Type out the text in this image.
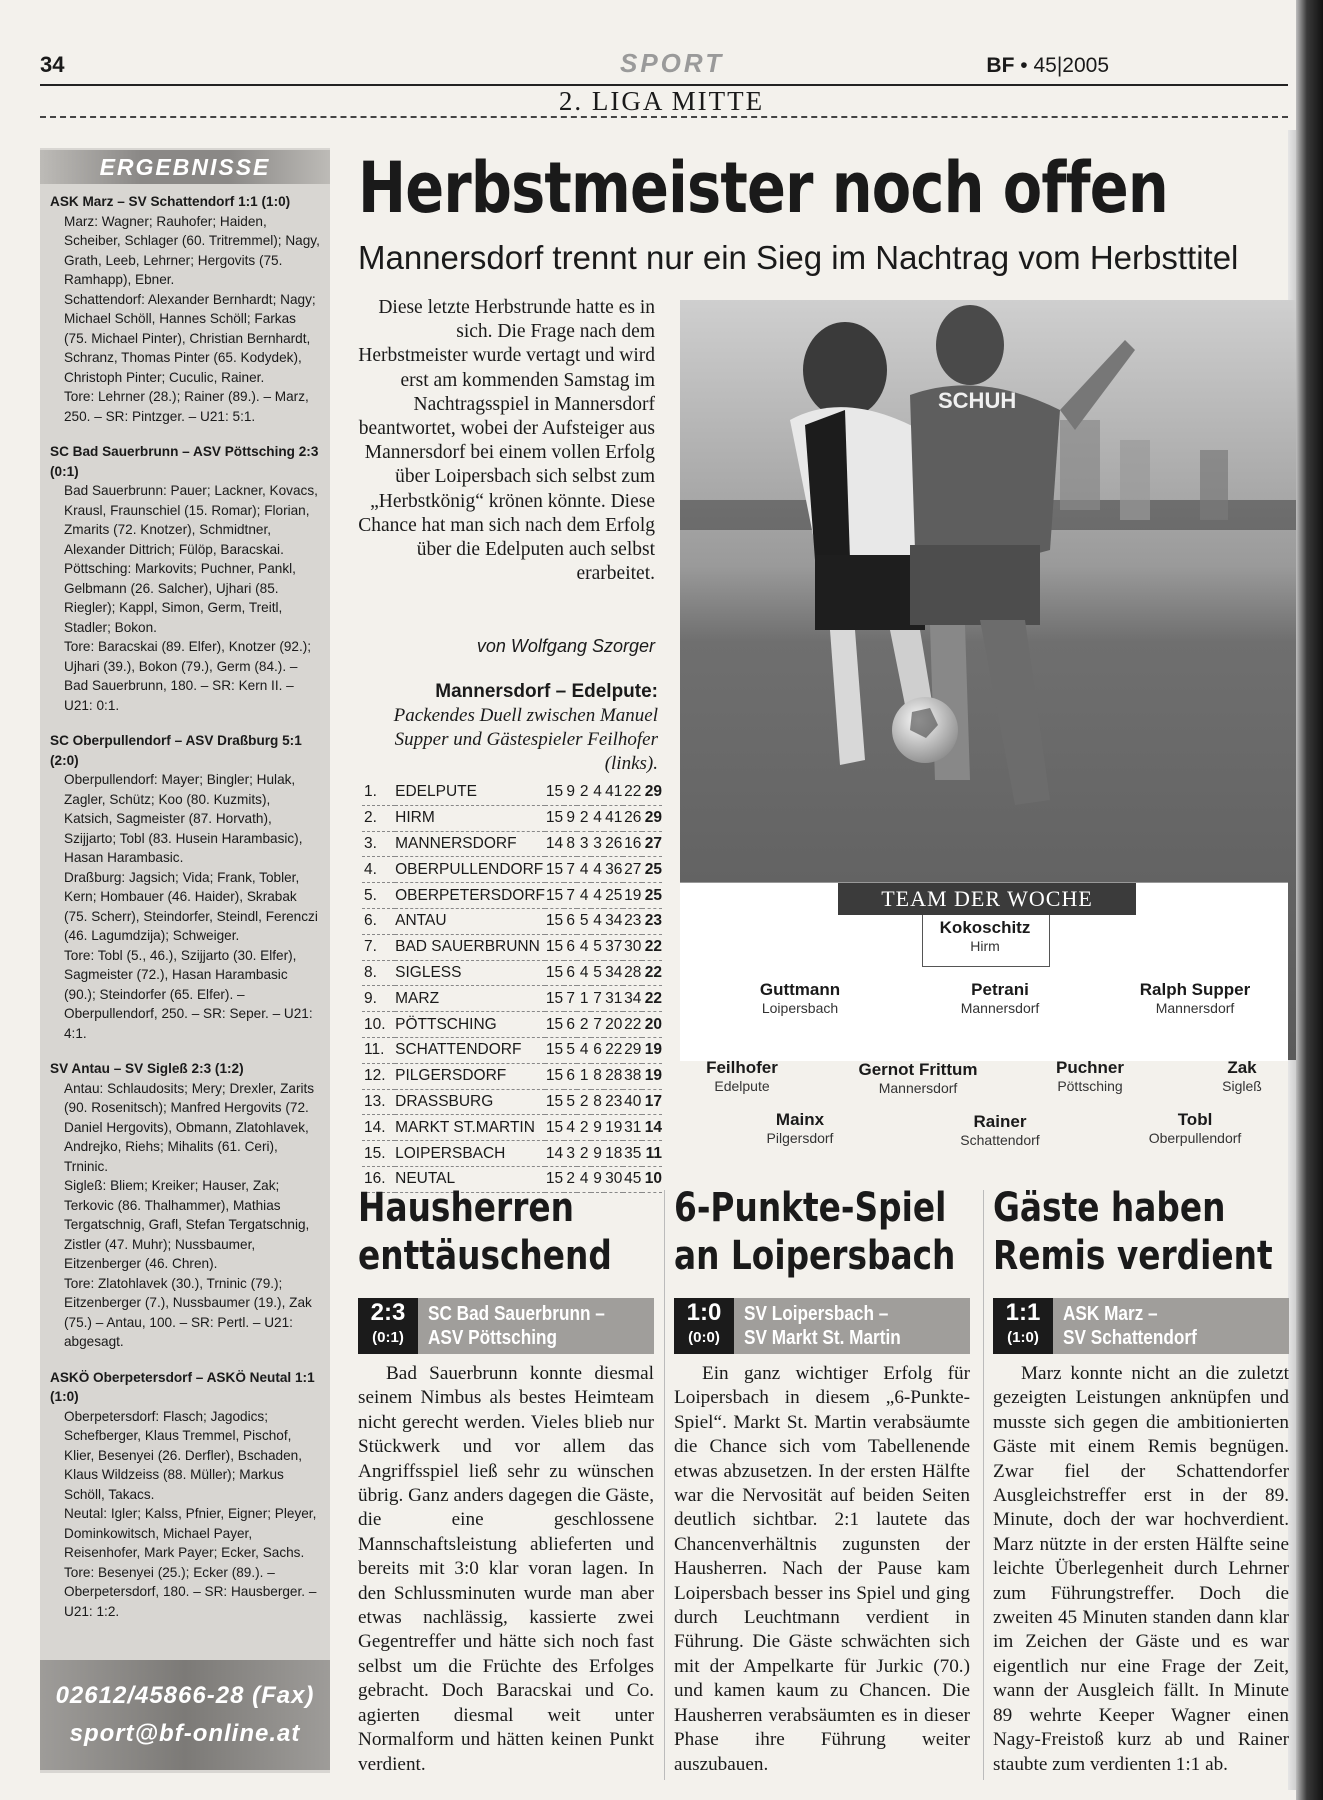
34	SPORT	BF • 45|2005
2. LIGA MITTE
ERGEBNISSE

ASK Marz – SV Schattendorf 1:1 (1:0)
Marz: Wagner; Rauhofer; Haiden, Scheiber, Schlager (60. Tritremmel); Nagy, Grath, Leeb, Lehrner; Hergovits (75. Ramhapp), Ebner.
Schattendorf: Alexander Bernhardt; Nagy; Michael Schöll, Hannes Schöll; Farkas (75. Michael Pinter), Christian Bernhardt, Schranz, Thomas Pinter (65. Kodydek), Christoph Pinter; Cuculic, Rainer.
Tore: Lehrner (28.); Rainer (89.). – Marz, 250. – SR: Pintzger. – U21: 5:1.

SC Bad Sauerbrunn – ASV Pöttsching 2:3 (0:1)
Bad Sauerbrunn: Pauer; Lackner, Kovacs, Krausl, Fraunschiel (15. Romar); Florian, Zmarits (72. Knotzer), Schmidtner, Alexander Dittrich; Fülöp, Baracskai.
Pöttsching: Markovits; Puchner, Pankl, Gelbmann (26. Salcher), Ujhari (85. Riegler); Kappl, Simon, Germ, Treitl, Stadler; Bokon.
Tore: Baracskai (89. Elfer), Knotzer (92.); Ujhari (39.), Bokon (79.), Germ (84.). – Bad Sauerbrunn, 180. – SR: Kern II. – U21: 0:1.

SC Oberpullendorf – ASV Draßburg 5:1 (2:0)
Oberpullendorf: Mayer; Bingler; Hulak, Zagler, Schütz; Koo (80. Kuzmits), Katsich, Sagmeister (87. Horvath), Szijjarto; Tobl (83. Husein Harambasic), Hasan Harambasic.
Draßburg: Jagsich; Vida; Frank, Tobler, Kern; Hombauer (46. Haider), Skrabak (75. Scherr), Steindorfer, Steindl, Ferenczi (46. Lagumdzija); Schweiger.
Tore: Tobl (5., 46.), Szijjarto (30. Elfer), Sagmeister (72.), Hasan Harambasic (90.); Steindorfer (65. Elfer). – Oberpullendorf, 250. – SR: Seper. – U21: 4:1.

SV Antau – SV Sigleß 2:3 (1:2)
Antau: Schlaudosits; Mery; Drexler, Zarits (90. Rosenitsch); Manfred Hergovits (72. Daniel Hergovits), Obmann, Zlatohlavek, Andrejko, Riehs; Mihalits (61. Ceri), Trninic.
Sigleß: Bliem; Kreiker; Hauser, Zak; Terkovic (86. Thalhammer), Mathias Tergatschnig, Grafl, Stefan Tergatschnig, Zistler (47. Muhr); Nussbaumer, Eitzenberger (46. Chren).
Tore: Zlatohlavek (30.), Trninic (79.); Eitzenberger (7.), Nussbaumer (19.), Zak (75.) – Antau, 100. – SR: Pertl. – U21: abgesagt.

ASKÖ Oberpetersdorf – ASKÖ Neutal 1:1 (1:0)
Oberpetersdorf: Flasch; Jagodics; Schefberger, Klaus Tremmel, Pischof, Klier, Besenyei (26. Derfler), Bschaden, Klaus Wildzeiss (88. Müller); Markus Schöll, Takacs.
Neutal: Igler; Kalss, Pfnier, Eigner; Pleyer, Dominkowitsch, Michael Payer, Reisenhofer, Mark Payer; Ecker, Sachs.
Tore: Besenyei (25.); Ecker (89.). – Oberpetersdorf, 180. – SR: Hausberger. – U21: 1:2.

02612/45866-28 (Fax)
sport@bf-online.at
Herbstmeister noch offen
Mannersdorf trennt nur ein Sieg im Nachtrag vom Herbsttitel
Diese letzte Herbstrunde hatte es in sich. Die Frage nach dem Herbstmeister wurde vertagt und wird erst am kommenden Samstag im Nachtragsspiel in Mannersdorf beantwortet, wobei der Aufsteiger aus Mannersdorf bei einem vollen Erfolg über Loipersbach sich selbst zum „Herbstkönig“ krönen könnte. Diese Chance hat man sich nach dem Erfolg über die Edelputen auch selbst erarbeitet.
von Wolfgang Szorger
Mannersdorf – Edelpute: Packendes Duell zwischen Manuel Supper und Gästespieler Feilhofer (links).
1.	EDELPUTE	15	9	2	4	41	22	29
2.	HIRM	15	9	2	4	41	26	29
3.	MANNERSDORF	14	8	3	3	26	16	27
4.	OBERPULLENDORF	15	7	4	4	36	27	25
5.	OBERPETERSDORF	15	7	4	4	25	19	25
6.	ANTAU	15	6	5	4	34	23	23
7.	BAD SAUERBRUNN	15	6	4	5	37	30	22
8.	SIGLESS	15	6	4	5	34	28	22
9.	MARZ	15	7	1	7	31	34	22
10.	PÖTTSCHING	15	6	2	7	20	22	20
11.	SCHATTENDORF	15	5	4	6	22	29	19
12.	PILGERSDORF	15	6	1	8	28	38	19
13.	DRASSBURG	15	5	2	8	23	40	17
14.	MARKT ST.MARTIN	15	4	2	9	19	31	14
15.	LOIPERSBACH	14	3	2	9	18	35	11
16.	NEUTAL	15	2	4	9	30	45	10
SCHUH
TEAM DER WOCHE
Kokoschitz
Hirm
Guttmann
Loipersbach
Petrani
Mannersdorf
Ralph Supper
Mannersdorf
Feilhofer
Edelpute
Gernot Frittum
Mannersdorf
Puchner
Pöttsching
Zak
Sigleß
Mainx
Pilgersdorf
Rainer
Schattendorf
Tobl
Oberpullendorf
Hausherren
enttäuschend
2:3
(0:1)
SC Bad Sauerbrunn –
ASV Pöttsching
Bad Sauerbrunn konnte diesmal seinem Nimbus als bestes Heimteam nicht gerecht werden. Vieles blieb nur Stückwerk und vor allem das Angriffsspiel ließ sehr zu wünschen übrig. Ganz anders dagegen die Gäste, die eine geschlossene Mannschaftsleistung ablieferten und bereits mit 3:0 klar voran lagen. In den Schlussminuten wurde man aber etwas nachlässig, kassierte zwei Gegentreffer und hätte sich noch fast selbst um die Früchte des Erfolges gebracht. Doch Baracskai und Co. agierten diesmal weit unter Normalform und hätten keinen Punkt verdient.
6-Punkte-Spiel
an Loipersbach
1:0
(0:0)
SV Loipersbach –
SV Markt St. Martin
Ein ganz wichtiger Erfolg für Loipersbach in diesem „6-Punkte-Spiel“. Markt St. Martin verabsäumte die Chance sich vom Tabellenende etwas abzusetzen. In der ersten Hälfte war die Nervosität auf beiden Seiten deutlich sichtbar. 2:1 lautete das Chancenverhältnis zugunsten der Hausherren. Nach der Pause kam Loipersbach besser ins Spiel und ging durch Leuchtmann verdient in Führung. Die Gäste schwächten sich mit der Ampelkarte für Jurkic (70.) und kamen kaum zu Chancen. Die Hausherren verabsäumten es in dieser Phase ihre Führung weiter auszubauen.
Gäste haben
Remis verdient
1:1
(1:0)
ASK Marz –
SV Schattendorf
Marz konnte nicht an die zuletzt gezeigten Leistungen anknüpfen und musste sich gegen die ambitionierten Gäste mit einem Remis begnügen. Zwar fiel der Schattendorfer Ausgleichstreffer erst in der 89. Minute, doch der war hochverdient. Marz nützte in der ersten Hälfte seine leichte Überlegenheit durch Lehrner zum Führungstreffer. Doch die zweiten 45 Minuten standen dann klar im Zeichen der Gäste und es war eigentlich nur eine Frage der Zeit, wann der Ausgleich fällt. In Minute 89 wehrte Keeper Wagner einen Nagy-Freistoß kurz ab und Rainer staubte zum verdienten 1:1 ab.
